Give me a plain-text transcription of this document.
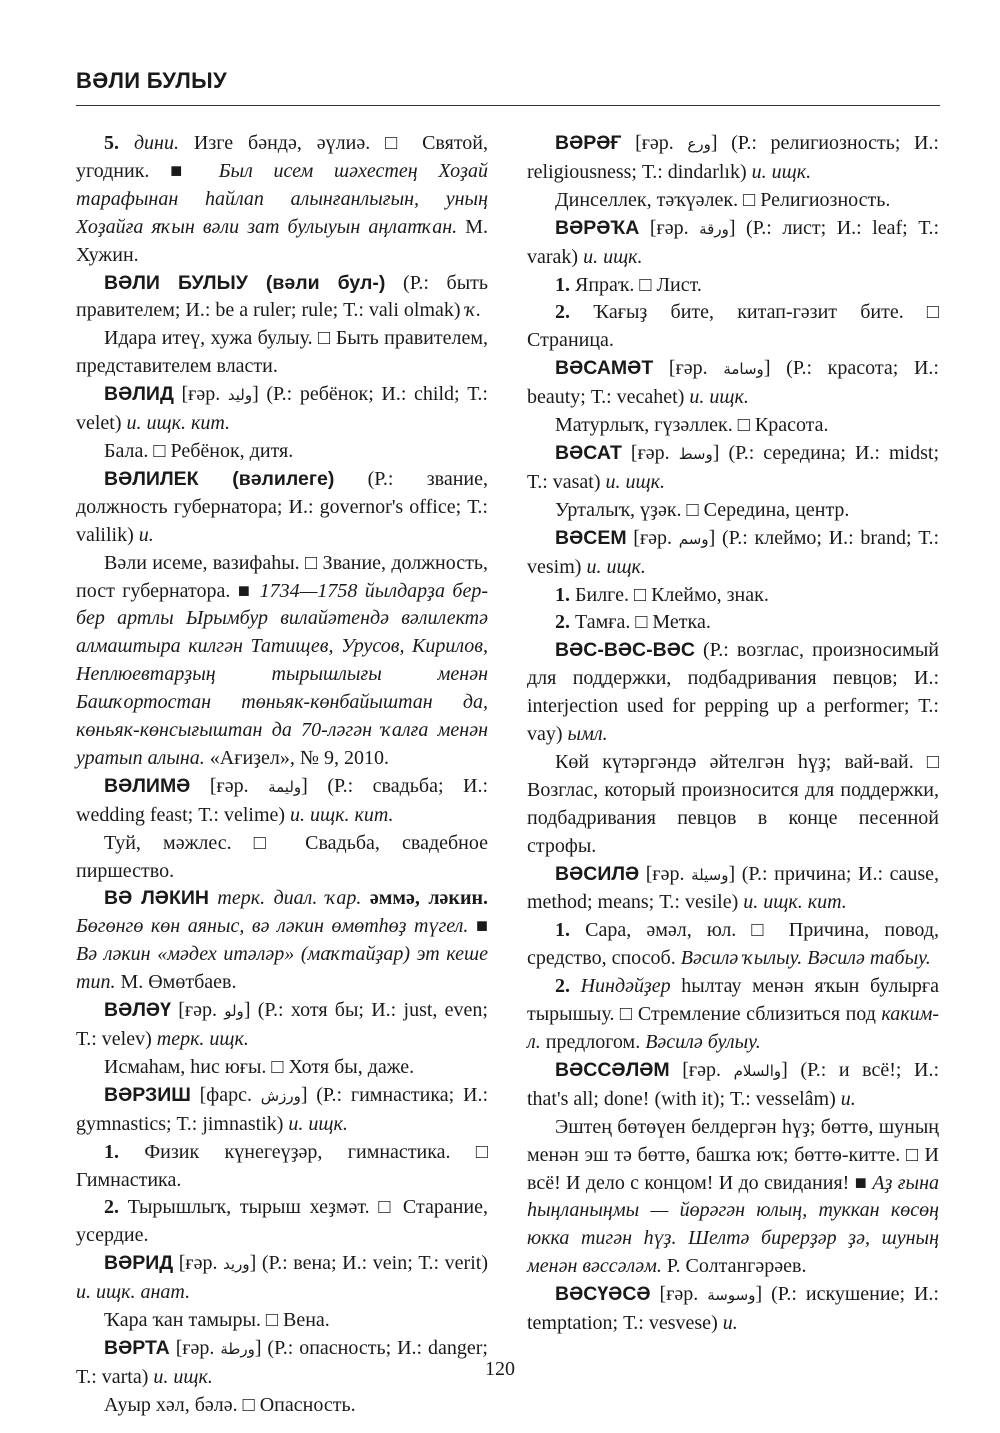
ВӘЛИ БУЛЫУ

5. дини. Изге бәндә, әүлиә. □ Святой, угодник. ■ Был исем шәхестең Хоҙай тарафынан һайлап алынғанлығын, уның Хоҙайға яҡын вәли зат булыуын аңлатҡан. М. Хужин.

ВӘЛИ БУЛЫУ (вәли бул-) (Р.: быть правителем; И.: be a ruler; rule; Т.: vali olmak) ҡ.

Идара итеү, хужа булыу. □ Быть правителем, представителем власти.

ВӘЛИД [ғәр. وليد] (Р.: ребёнок; И.: child; Т.: velet) и. ищк. кит.

Бала. □ Ребёнок, дитя.

ВӘЛИЛЕК (вәлилеге) (Р.: звание, должность губернатора; И.: governor's office; Т.: valilik) и.

Вәли исеме, вазифаһы. □ Звание, должность, пост губернатора. ■ 1734—1758 йылдарҙа бер-бер артлы Ырымбур вилайәтендә вәлилектә алмаштыра килгән Татищев, Урусов, Кирилов, Неплюевтарҙың тырышлығы менән Башҡортостан төньяк-көнбайыштан да, көньяк-көнсығыштан да 70-ләгән ҡалға менән уратып алына. «Ағиҙел», № 9, 2010.

ВӘЛИМӘ [ғәр. وليمة] (Р.: свадьба; И.: wedding feast; Т.: velime) и. ищк. кит.

Туй, мәжлес. □ Свадьба, свадебное пиршество.

ВӘ ЛӘКИН терк. диал. ҡар. әммә, ләкин. Бөгөнгө көн аяныс, вә ләкин өмөтһөҙ түгел. ■ Вә ләкин «мәдех итәләр» (маҡтайҙар) эт кеше тип. М. Өмөтбаев.

ВӘЛӘҮ [ғәр. ولو] (Р.: хотя бы; И.: just, even; Т.: velev) терк. ищк.

Исмаһам, һис юғы. □ Хотя бы, даже.

ВӘРЗИШ [фарс. ورزش] (Р.: гимнастика; И.: gymnastics; Т.: jimnastik) и. ищк.

1. Физик күнегеүҙәр, гимнастика. □ Гимнастика.

2. Тырышлыҡ, тырыш хеҙмәт. □ Старание, усердие.

ВӘРИД [ғәр. وريد] (Р.: вена; И.: vein; Т.: verit) и. ищк. анат.

Ҡара ҡан тамыры. □ Вена.

ВӘРТА [ғәр. ورطة] (Р.: опасность; И.: danger; Т.: varta) и. ищк.

Ауыр хәл, бәлә. □ Опасность.

ВӘРӘҒ [ғәр. ورع] (Р.: религиозность; И.: religiousness; Т.: dindarlık) и. ищк.

Динселлек, тәҡүәлек. □ Религиозность.

ВӘРӘҠА [ғәр. ورقة] (Р.: лист; И.: leaf; Т.: varak) и. ищк.

1. Япраҡ. □ Лист.

2. Ҡағыҙ бите, китап-гәзит бите. □ Страница.

ВӘСАМӘТ [ғәр. وسامة] (Р.: красота; И.: beauty; Т.: vecahet) и. ищк.

Матурлыҡ, гүзәллек. □ Красота.

ВӘСАТ [ғәр. وسط] (Р.: середина; И.: midst; Т.: vasat) и. ищк.

Урталыҡ, үҙәк. □ Середина, центр.

ВӘСЕМ [ғәр. وسم] (Р.: клеймо; И.: brand; Т.: vesim) и. ищк.

1. Билге. □ Клеймо, знак.

2. Тамға. □ Метка.

ВӘС-ВӘС-ВӘС (Р.: возглас, произносимый для поддержки, подбадривания певцов; И.: interjection used for pepping up a performer; Т.: vay) ымл.

Көй күтәргәндә әйтелгән һүҙ; вай-вай. □ Возглас, который произносится для поддержки, подбадривания певцов в конце песенной строфы.

ВӘСИЛӘ [ғәр. وسيلة] (Р.: причина; И.: cause, method; means; Т.: vesile) и. ищк. кит.

1. Сара, әмәл, юл. □ Причина, повод, средство, способ. Вәсилә ҡылыу. Вәсилә табыу.

2. Ниндәйҙер һылтау менән яҡын булырға тырышыу. □ Стремление сблизиться под каким-л. предлогом. Вәсилә булыу.

ВӘССӘЛӘМ [ғәр. والسلام] (Р.: и всё!; И.: that's all; done! (with it); Т.: vesselâm) и.

Эштең бөтөүен белдергән һүҙ; бөттө, шуның менән эш тә бөттө, башҡа юҡ; бөттө-китте. □ И всё! И дело с концом! И до свидания! ■ Аҙ ғына һыңланыңмы — йөрәгән юлың, туккан көсөң юкка тигән һүҙ. Шелтә бирерҙәр ҙә, шуның менән вәссәләм. Р. Солтангәрәев.

ВӘСҮӘСӘ [ғәр. وسوسة] (Р.: искушение; И.: temptation; Т.: vesvese) и.

120
